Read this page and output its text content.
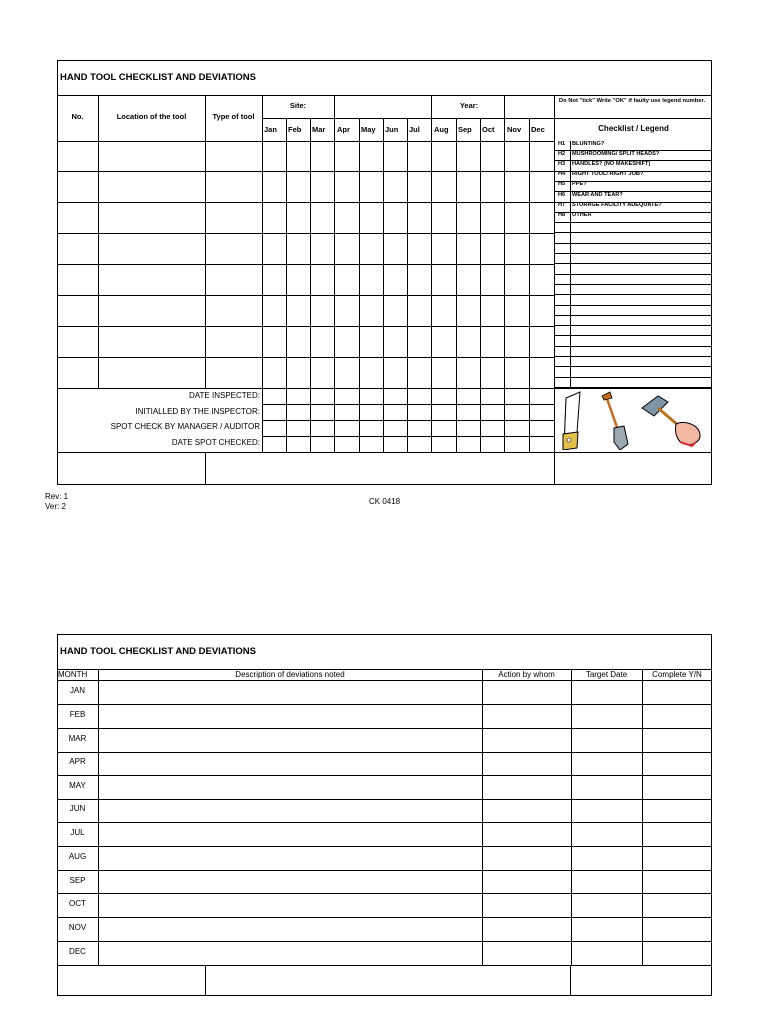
HAND TOOL CHECKLIST AND DEVIATIONS
No.	Location of the tool	Type of tool
Site:	Year:	Do Not "tick" Write "OK" if faulty use legend number.
Checklist / Legend
Jan Feb Mar Apr May Jun Jul Aug Sep Oct Nov Dec
H1 BLUNTING?
H2 MUSHROOMING/ SPLIT HEADS?
H3 HANDLES? (NO MAKESHIFT)
H4 RIGHT TOOL/ RIGHT JOB?
H5 PPE?
H6 WEAR AND TEAR?
H7 STORAGE FACILITY ADEQUATE?
H8 OTHER
DATE INSPECTED:
INITIALLED BY THE INSPECTOR:
SPOT CHECK BY MANAGER / AUDITOR
DATE SPOT CHECKED:
Rev: 1
Ver: 2
CK 0418
HAND TOOL CHECKLIST AND DEVIATIONS
MONTH	Description of deviations noted	Action by whom	Target Date	Complete Y/N
JAN
FEB
MAR
APR
MAY
JUN
JUL
AUG
SEP
OCT
NOV
DEC
